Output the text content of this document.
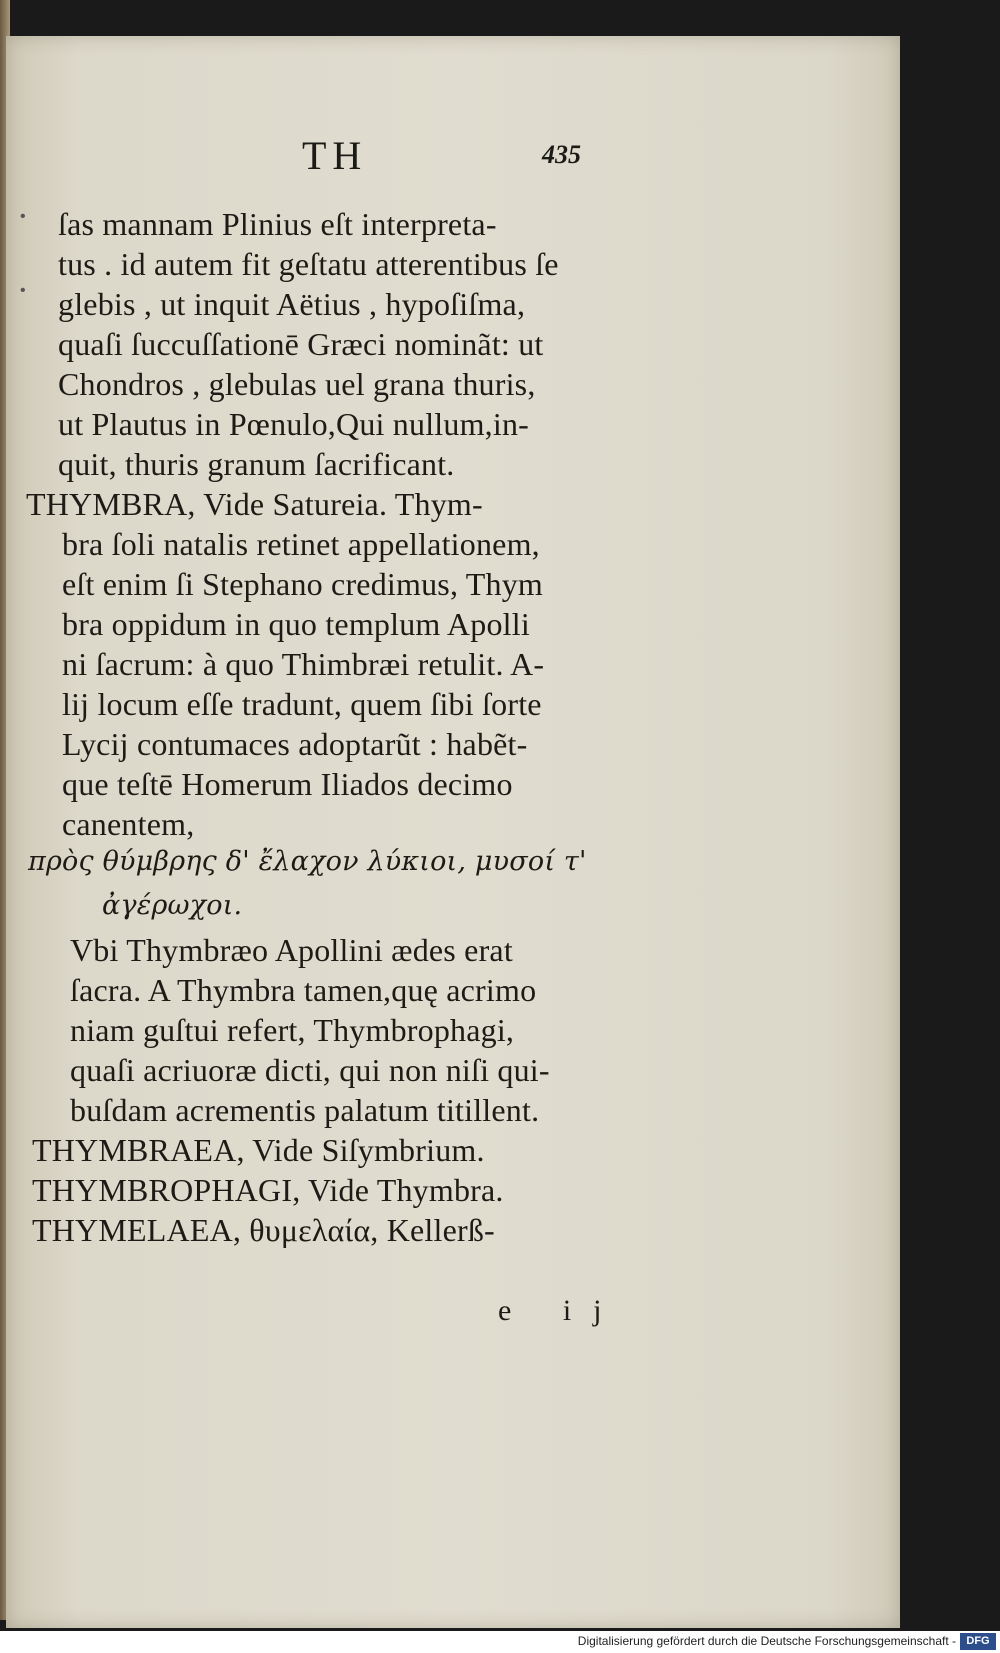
TH	435
•
•
ſas mannam Plinius eſt interpreta-
tus . id autem fit geſtatu atterentibus ſe
glebis , ut inquit Aëtius , hypoſiſma,
quaſi ſuccuſſationē Græci nominãt: ut
Chondros , glebulas uel grana thuris,
ut Plautus in Pœnulo,Qui nullum,in-
quit, thuris granum ſacrificant.
THYMBRA, Vide Satureia. Thym-
bra ſoli natalis retinet appellationem,
eſt enim ſi Stephano credimus, Thym
bra oppidum in quo templum Apolli
ni ſacrum: à quo Thimbræi retulit. A-
lij locum eſſe tradunt, quem ſibi ſorte
Lycij contumaces adoptarũt : habẽt-
que teſtē Homerum Iliados decimo
canentem,
πρὸς θύμβρης δ' ἔλαχον λύκιοι, μυσοί τ'
ἀγέρωχοι.
Vbi Thymbræo Apollini ædes erat
ſacra. A Thymbra tamen,quę acrimo
niam guſtui refert, Thymbrophagi,
quaſi acriuoræ dicti, qui non niſi qui-
buſdam acrementis palatum titillent.
THYMBRAEA, Vide Siſymbrium.
THYMBROPHAGI, Vide Thymbra.
THYMELAEA, θυμελαία, Kellerß-
e ij
Digitalisierung gefördert durch die Deutsche Forschungsgemeinschaft - DFG
